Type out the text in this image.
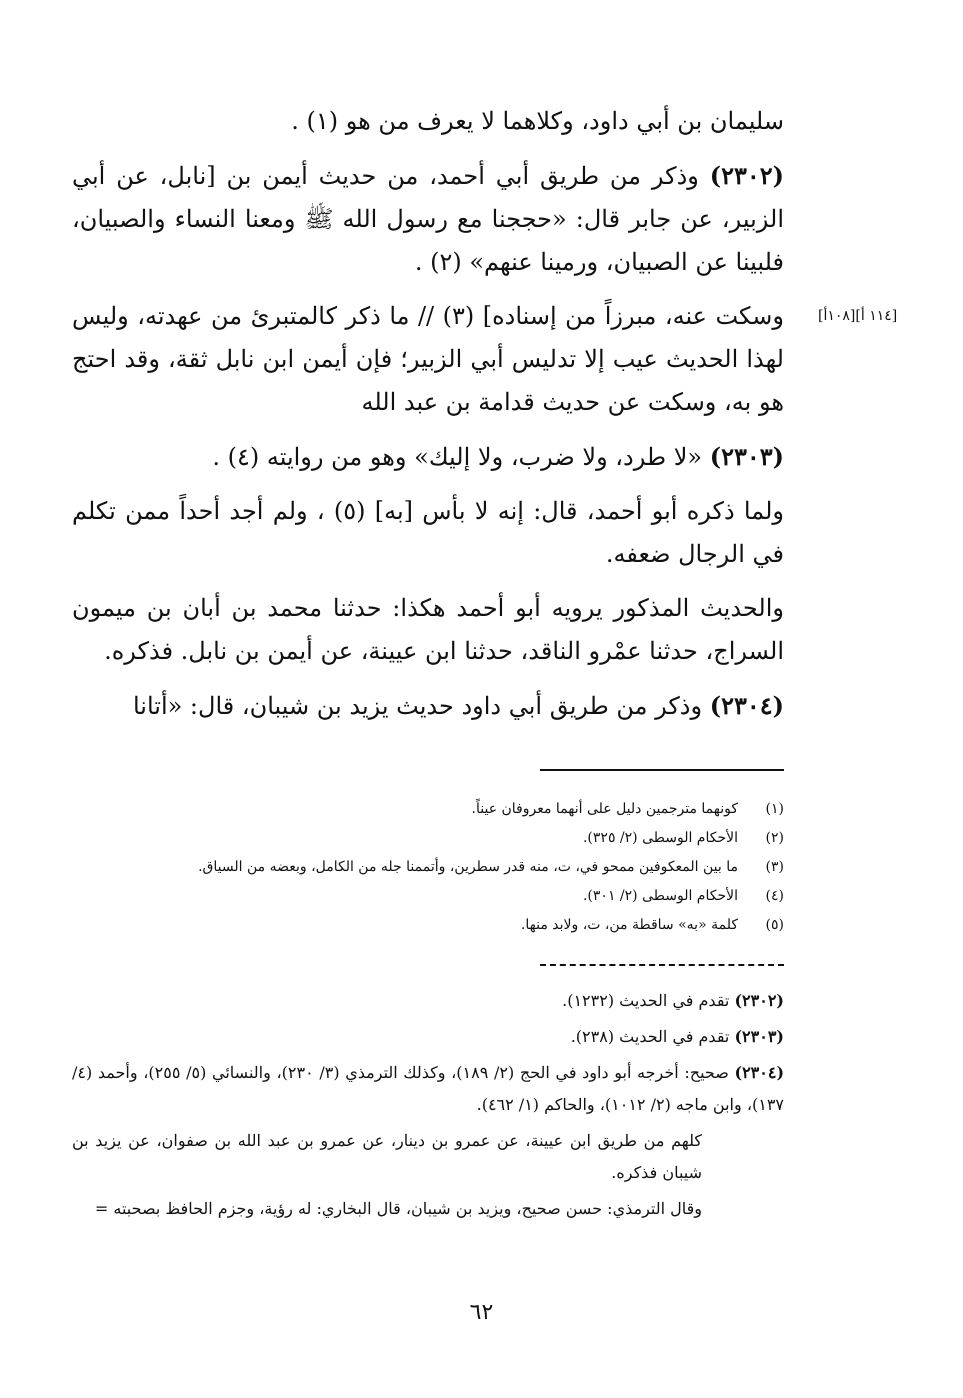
[١١٤ أ][١٠٨أ]

سليمان بن أبي داود، وكلاهما لا يعرف من هو (١) .

(٢٣٠٢) وذكر من طريق أبي أحمد، من حديث أيمن بن [نابل، عن أبي الزبير، عن جابر قال: «حججنا مع رسول الله ﷺ ومعنا النساء والصبيان، فلبينا عن الصبيان، ورمينا عنهم» (٢) .

وسكت عنه، مبرزاً من إسناده] (٣) // ما ذكر كالمتبرئ من عهدته، وليس لهذا الحديث عيب إلا تدليس أبي الزبير؛ فإن أيمن ابن نابل ثقة، وقد احتج هو به، وسكت عن حديث قدامة بن عبد الله

(٢٣٠٣) «لا طرد، ولا ضرب، ولا إليك» وهو من روايته (٤) .

ولما ذكره أبو أحمد، قال: إنه لا بأس [به] (٥) ، ولم أجد أحداً ممن تكلم في الرجال ضعفه.

والحديث المذكور يرويه أبو أحمد هكذا: حدثنا محمد بن أبان بن ميمون السراج، حدثنا عمْرو الناقد، حدثنا ابن عيينة، عن أيمن بن نابل. فذكره.

(٢٣٠٤) وذكر من طريق أبي داود حديث يزيد بن شيبان، قال: «أتانا

(١)
كونهما مترجمين دليل على أنهما معروفان عيناً.
(٢)
الأحكام الوسطى (٢/ ٣٢٥).
(٣)
ما بين المعكوفين ممحو في، ت، منه قدر سطرين، وأتممنا جله من الكامل، وبعضه من السياق.
(٤)
الأحكام الوسطى (٢/ ٣٠١).
(٥)
كلمة «به» ساقطة من، ت، ولابد منها.

(٢٣٠٢) تقدم في الحديث (١٢٣٢).

(٢٣٠٣) تقدم في الحديث (٢٣٨).

(٢٣٠٤) صحيح: أخرجه أبو داود في الحج (٢/ ١٨٩)، وكذلك الترمذي (٣/ ٢٣٠)، والنسائي (٥/ ٢٥٥)، وأحمد (٤/ ١٣٧)، وابن ماجه (٢/ ١٠١٢)، والحاكم (١/ ٤٦٢).

كلهم من طريق ابن عيينة، عن عمرو بن دينار، عن عمرو بن عبد الله بن صفوان، عن يزيد بن شيبان فذكره.

وقال الترمذي: حسن صحيح، ويزيد بن شيبان، قال البخاري: له رؤية، وجزم الحافظ بصحبته =

٦٢
